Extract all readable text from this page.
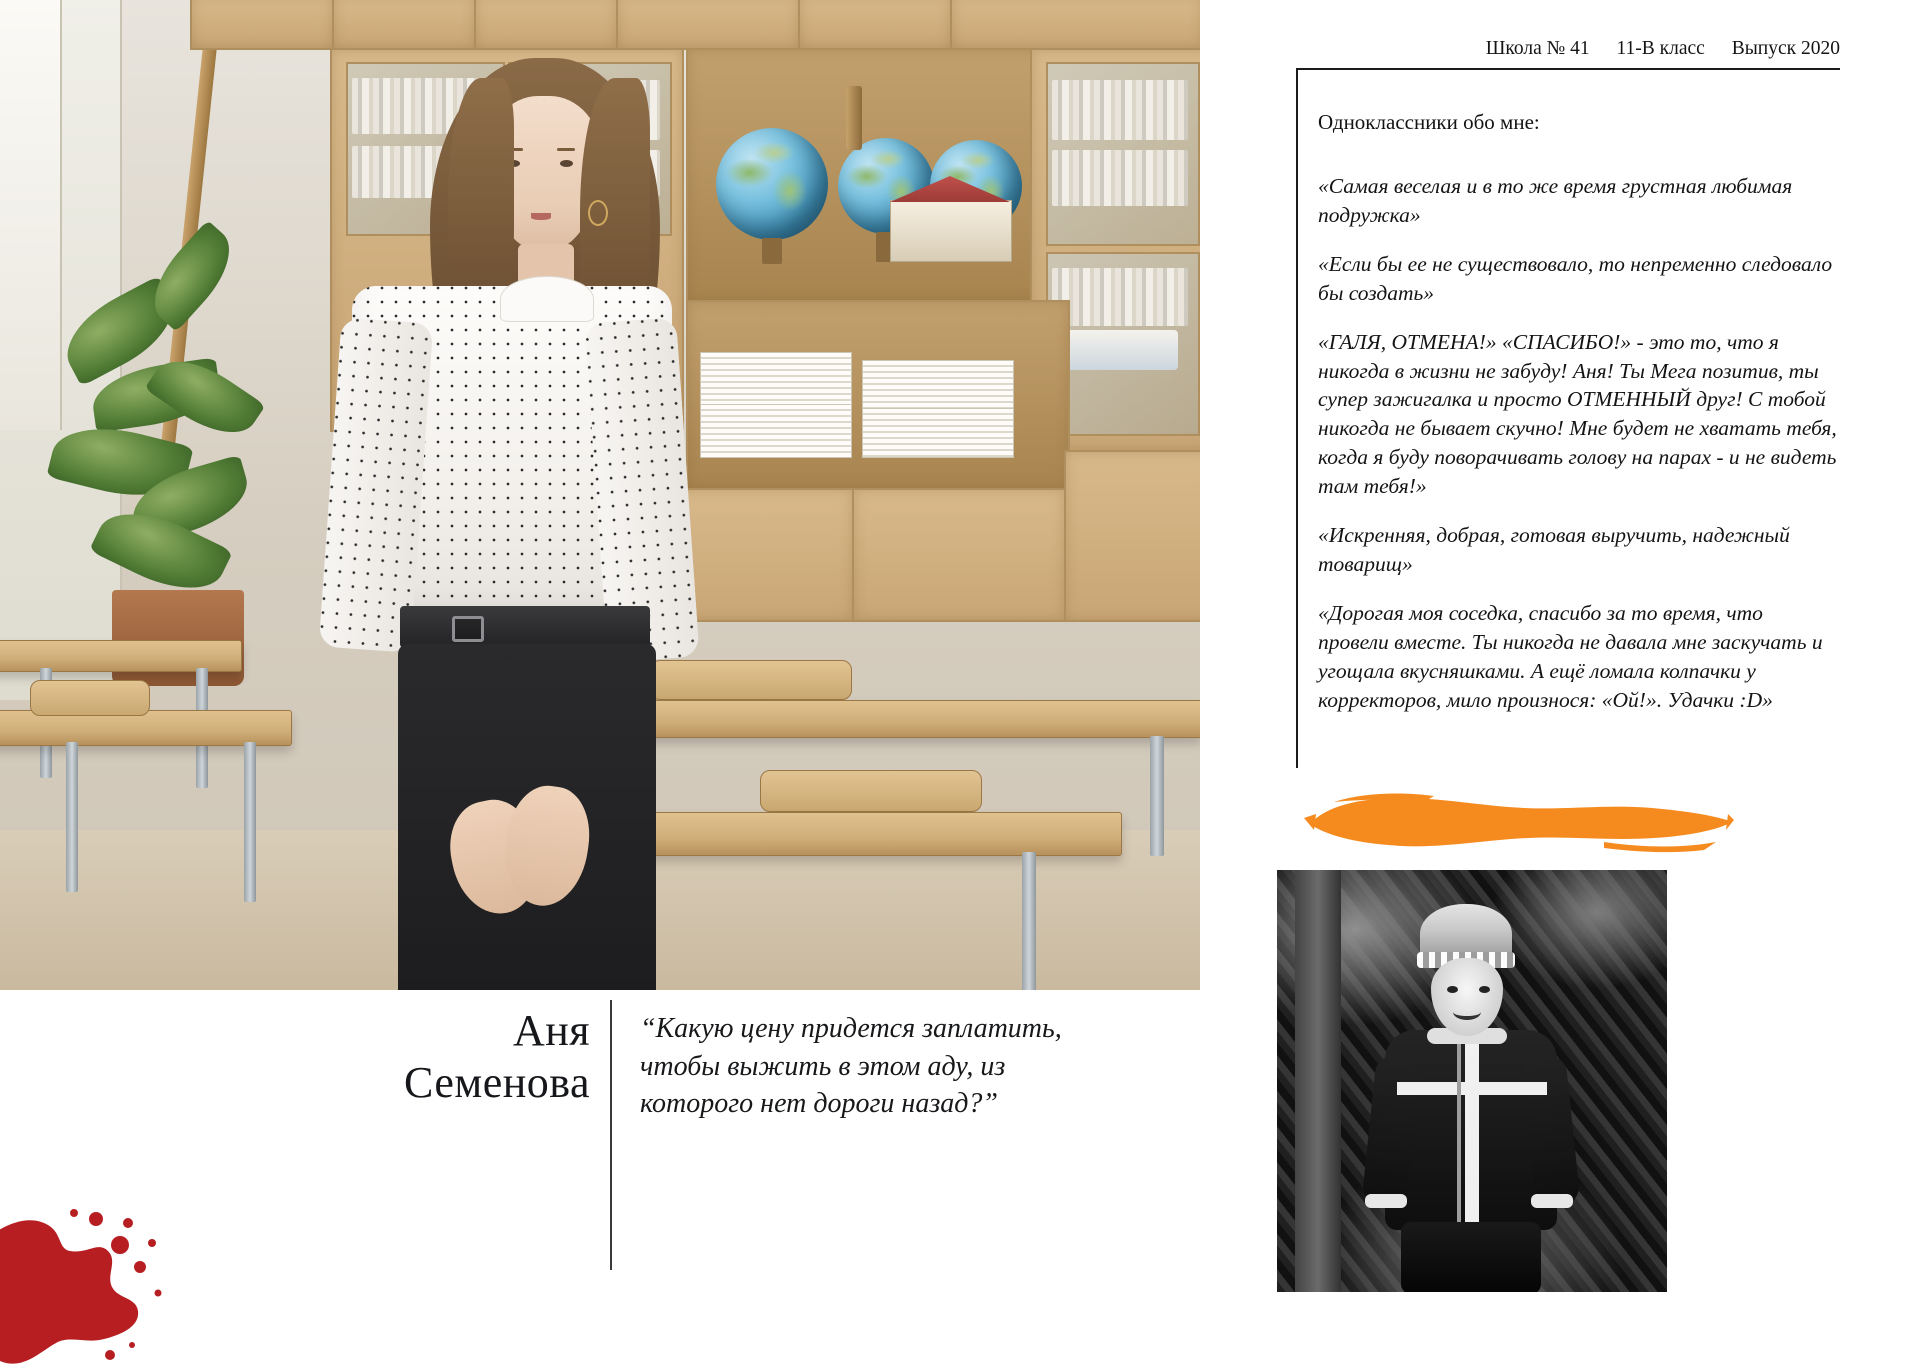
Аня
Семенова
“Какую цену придется заплатить, чтобы выжить в этом аду, из которого нет дороги назад?”
Школа № 41 11-В класс Выпуск 2020
Одноклассники обо мне:

«Самая веселая и в то же время грустная любимая подружка»

«Если бы ее не существовало, то непременно следовало бы создать»

«ГАЛЯ, ОТМЕНА!» «СПАСИБО!» - это то, что я никогда в жизни не забуду! Аня! Ты Мега позитив, ты супер зажигалка и просто ОТМЕННЫЙ друг! С тобой никогда не бывает скучно! Мне будет не хватать тебя, когда я буду поворачивать голову на парах - и не видеть там тебя!»

«Искренняя, добрая, готовая выручить, надежный товарищ»

«Дорогая моя соседка, спасибо за то время, что провели вместе. Ты никогда не давала мне заскучать и угощала вкусняшками. А ещё ломала колпачки у корректоров, мило произнося: «Ой!». Удачки :D»
